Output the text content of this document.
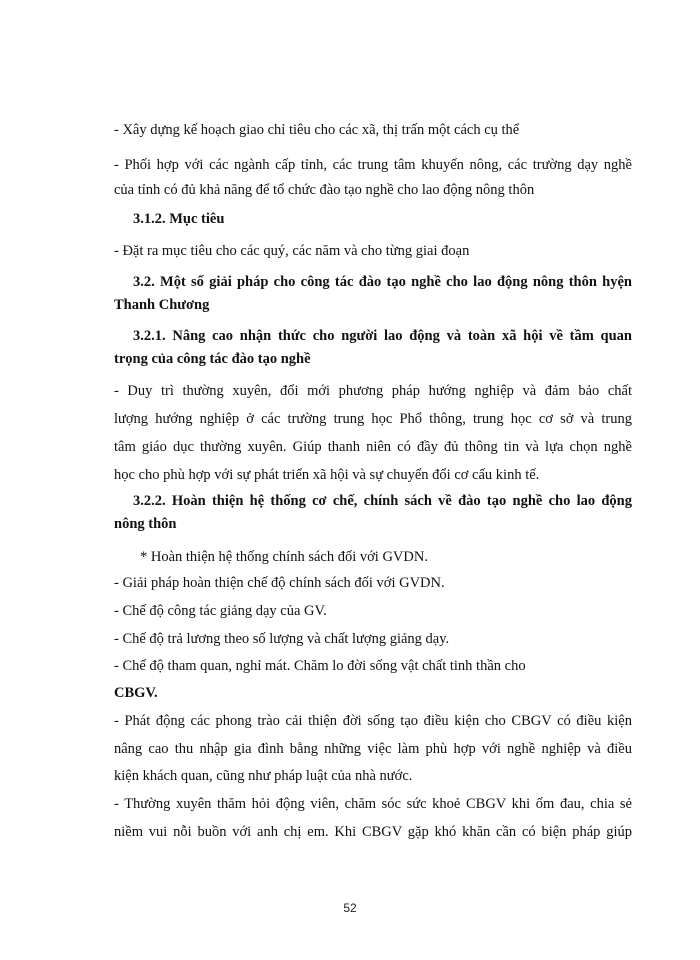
- Xây dựng kế hoạch giao chỉ tiêu cho các xã, thị trấn một cách cụ thể
- Phối hợp với các ngành cấp tỉnh, các trung tâm khuyến nông, các trường dạy nghề
của tỉnh có đủ khả năng để tổ chức đào tạo nghề cho lao động nông thôn
3.1.2. Mục tiêu
- Đặt ra mục tiêu cho các quý, các năm và cho từng giai đoạn
3.2. Một số giải pháp cho công tác đào tạo nghề cho lao động nông thôn hyện
Thanh Chương
3.2.1. Nâng cao nhận thức cho người lao động và toàn xã hội về tầm quan
trọng của công tác đào tạo nghề
- Duy trì thường xuyên, đổi mới phương pháp hướng nghiệp và đảm bảo chất
lượng hướng nghiệp ở các trường trung học Phổ thông, trung học cơ sở và trung
tâm giáo dục thường xuyên. Giúp thanh niên có đầy đủ thông tin và lựa chọn nghề
học cho phù hợp với sự phát triển xã hội và sự chuyển đổi cơ cấu kinh tế.
3.2.2. Hoàn thiện hệ thống cơ chế, chính sách về đào tạo nghề cho lao động
nông thôn
* Hoàn thiện hệ thống chính sách đối với GVDN.
- Giải pháp hoàn thiện chế độ chính sách đối với GVDN.
- Chế độ công tác giảng dạy của GV.
- Chế độ trả lương theo số lượng và chất lượng giảng dạy.
- Chế độ tham quan, nghỉ mát. Chăm lo đời sống vật chất tinh thần cho
CBGV.
- Phát động các phong trào cải thiện đời sống tạo điều kiện cho CBGV có điều kiện
nâng cao thu nhập gia đình bằng những việc làm phù hợp với nghề nghiệp và điều
kiện khách quan, cũng như pháp luật của nhà nước.
- Thường xuyên thăm hỏi động viên, chăm sóc sức khoẻ CBGV khi ốm đau, chia sẻ
niềm vui nỗi buồn với anh chị em. Khi CBGV gặp khó khăn cần có biện pháp giúp
52
